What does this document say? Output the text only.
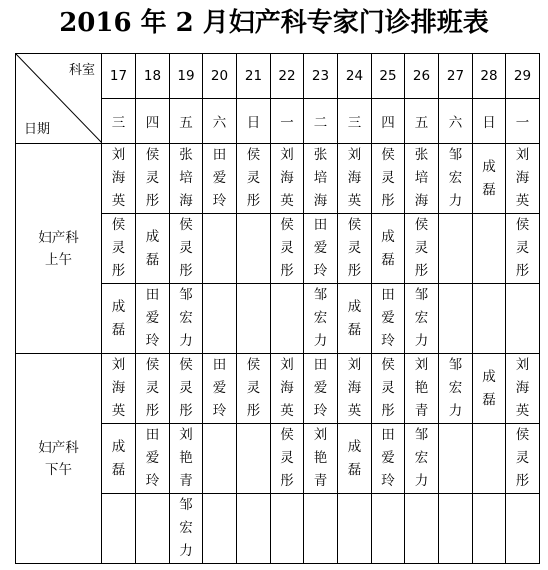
2016 年 2 月妇产科专家门诊排班表
科室
日期	17	18	19	20	21	22	23	24	25	26	27	28	29
	三	四	五	六	日	一	二	三	四	五	六	日	一
妇产科
上午	刘海英	侯灵彤	张培海	田爱玲	侯灵彤	刘海英	张培海	刘海英	侯灵彤	张培海	邹宏力	成磊	刘海英
	侯灵彤	成磊	侯灵彤			侯灵彤	田爱玲	侯灵彤	成磊	侯灵彤			侯灵彤
	成磊	田爱玲	邹宏力				邹宏力	成磊	田爱玲	邹宏力			
妇产科
下午	刘海英	侯灵彤	侯灵彤	田爱玲	侯灵彤	刘海英	田爱玲	刘海英	侯灵彤	刘艳青	邹宏力	成磊	刘海英
	成磊	田爱玲	刘艳青			侯灵彤	刘艳青	成磊	田爱玲	邹宏力			侯灵彤
			邹宏力										
